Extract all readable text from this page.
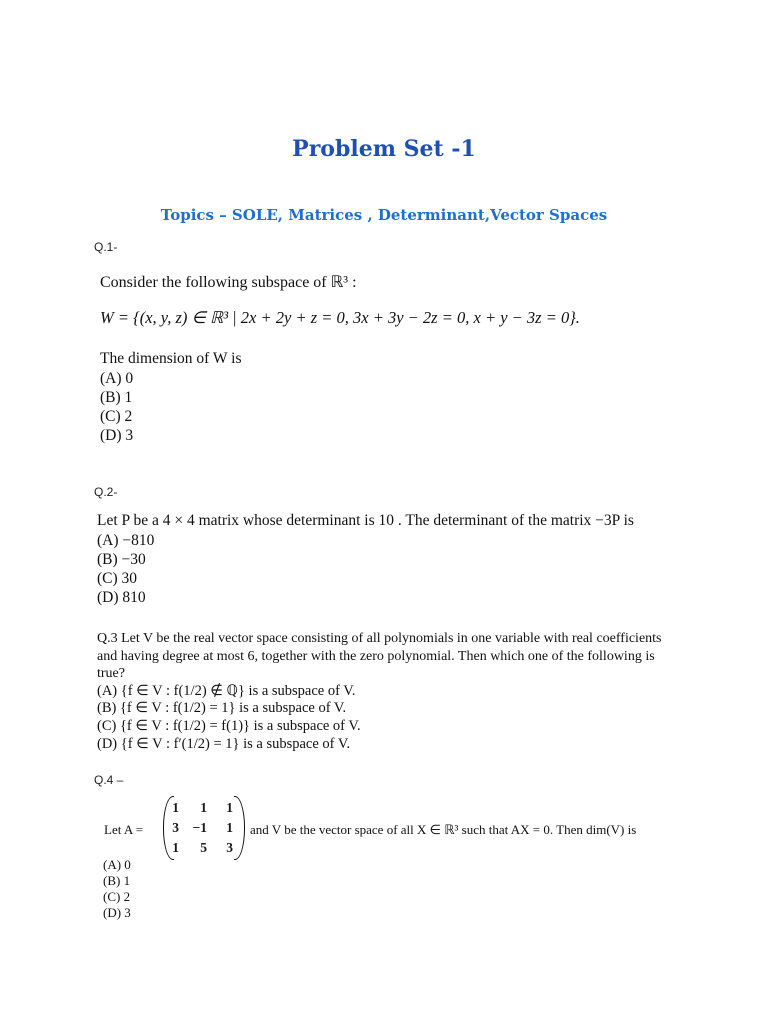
Problem Set -1
Topics – SOLE, Matrices , Determinant,Vector Spaces
Q.1-
Consider the following subspace of ℝ³ :
W = {(x, y, z) ∈ ℝ³ | 2x + 2y + z = 0, 3x + 3y − 2z = 0, x + y − 3z = 0}.
The dimension of W is
(A) 0
(B) 1
(C) 2
(D) 3
Q.2-
Let P be a 4 × 4 matrix whose determinant is 10 . The determinant of the matrix −3P is
(A) −810
(B) −30
(C) 30
(D) 810
Q.3 Let V be the real vector space consisting of all polynomials in one variable with real coefficients
and having degree at most 6, together with the zero polynomial. Then which one of the following is
true?
(A) {f ∈ V : f(1/2) ∉ ℚ} is a subspace of V.
(B) {f ∈ V : f(1/2) = 1} is a subspace of V.
(C) {f ∈ V : f(1/2) = f(1)} is a subspace of V.
(D) {f ∈ V : f′(1/2) = 1} is a subspace of V.
Q.4 –
Let A =
1	1	1
3	−1	1
1	5	3
and V be the vector space of all X ∈ ℝ³ such that AX = 0. Then dim(V) is
(A) 0
(B) 1
(C) 2
(D) 3
